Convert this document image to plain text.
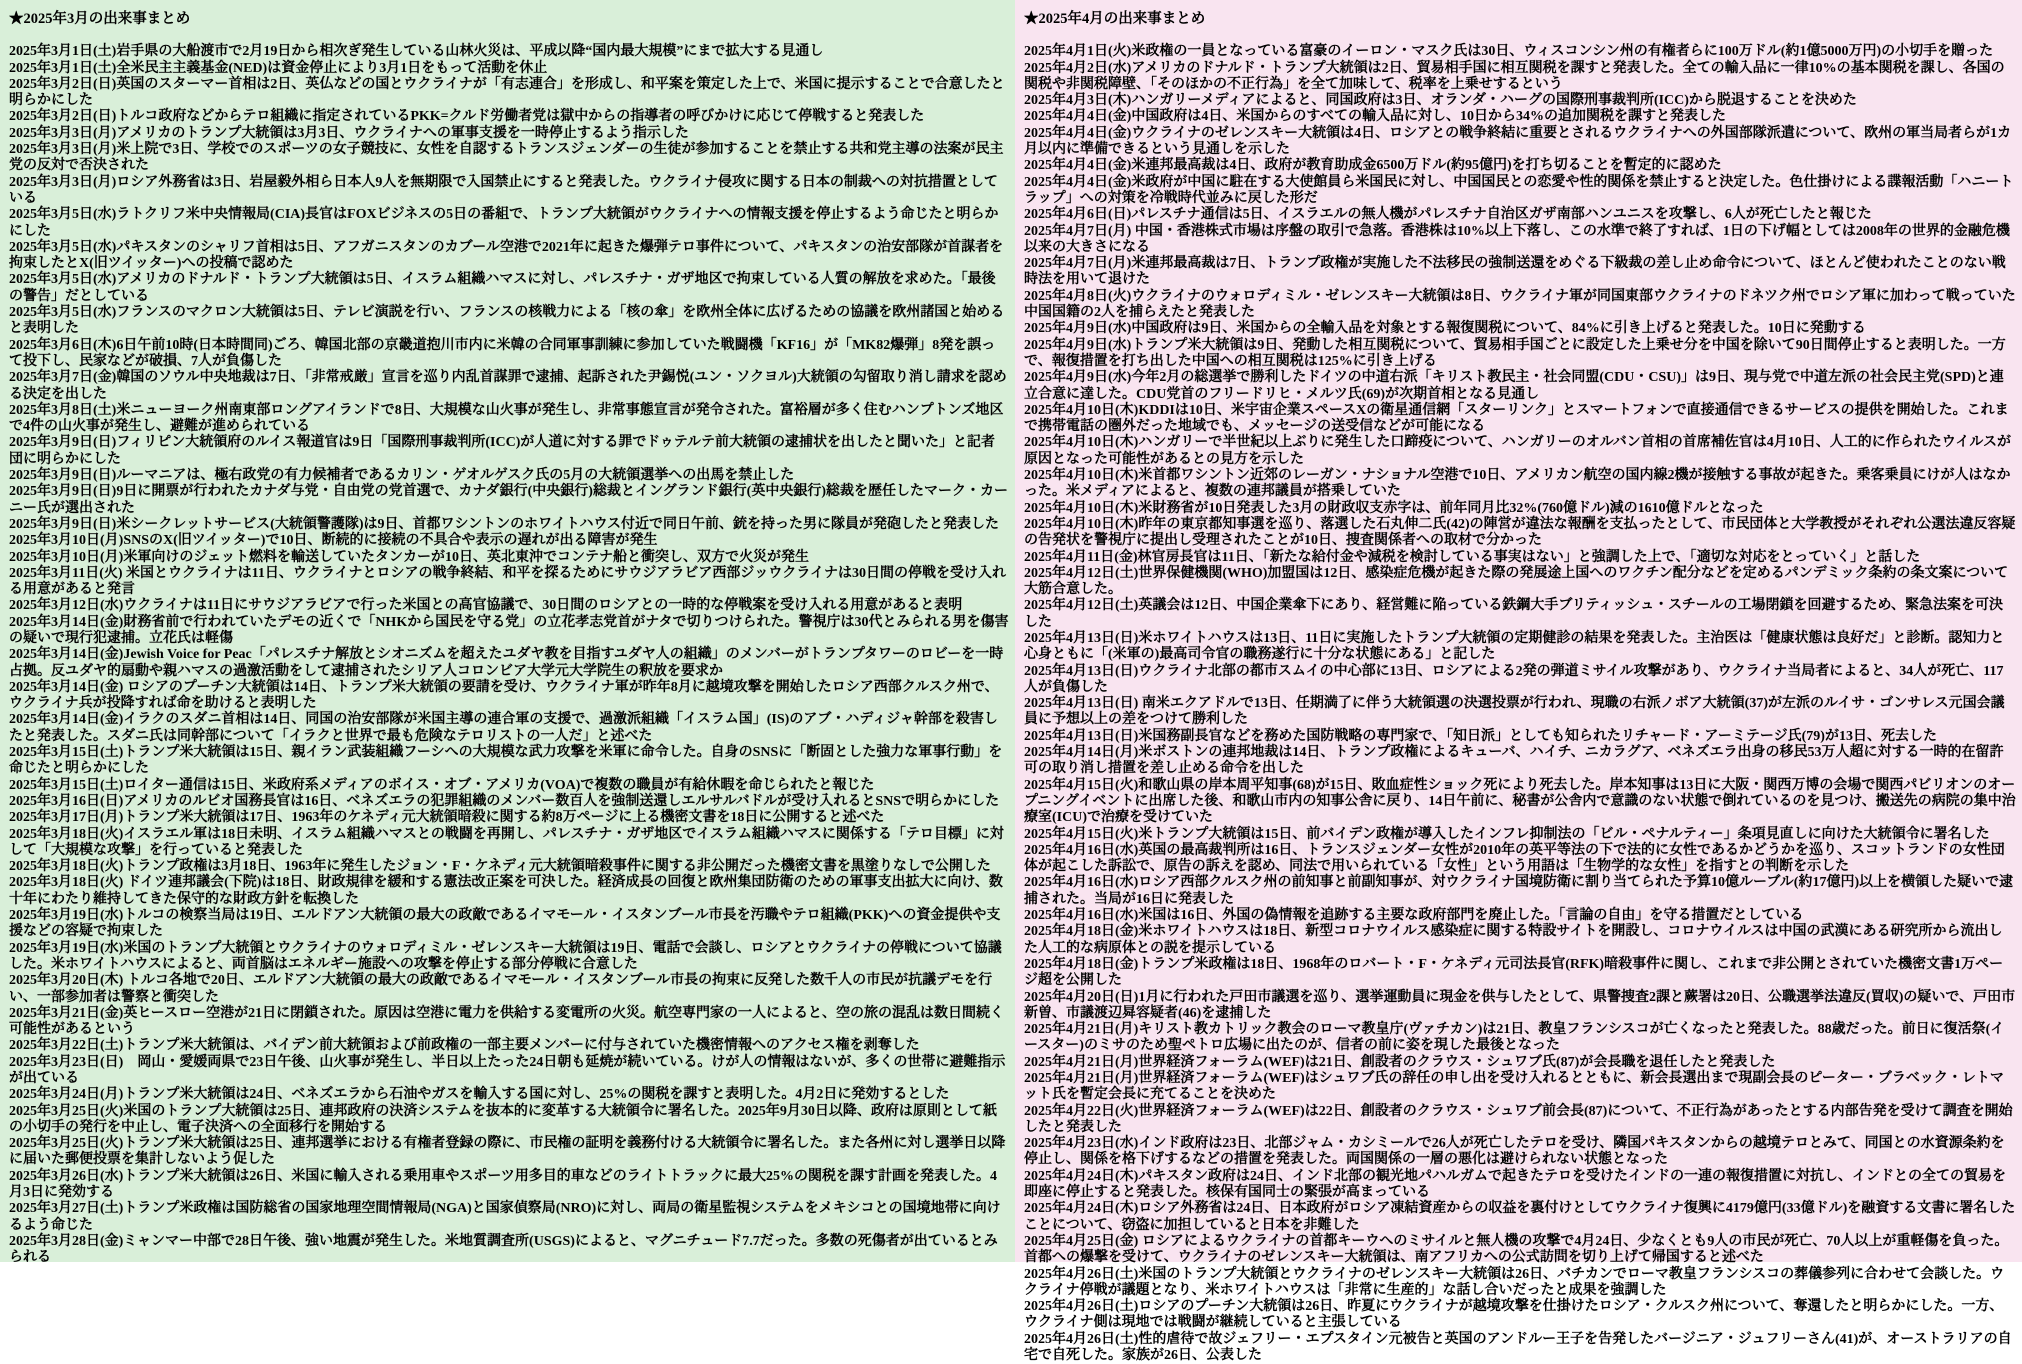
★2025年3月の出来事まとめ

2025年3月1日(土)岩手県の大船渡市で2月19日から相次ぎ発生している山林火災は、平成以降“国内最大規模”にまで拡大する見通し

2025年3月1日(土)全米民主主義基金(NED)は資金停止により3月1日をもって活動を休止

2025年3月2日(日)英国のスターマー首相は2日、英仏などの国とウクライナが「有志連合」を形成し、和平案を策定した上で、米国に提示することで合意したと明らかにした

2025年3月2日(日)トルコ政府などからテロ組織に指定されているPKK=クルド労働者党は獄中からの指導者の呼びかけに応じて停戦すると発表した

2025年3月3日(月)アメリカのトランプ大統領は3月3日、ウクライナへの軍事支援を一時停止するよう指示した

2025年3月3日(月)米上院で3日、学校でのスポーツの女子競技に、女性を自認するトランスジェンダーの生徒が参加することを禁止する共和党主導の法案が民主党の反対で否決された

2025年3月3日(月)ロシア外務省は3日、岩屋毅外相ら日本人9人を無期限で入国禁止にすると発表した。ウクライナ侵攻に関する日本の制裁への対抗措置としている

2025年3月5日(水)ラトクリフ米中央情報局(CIA)長官はFOXビジネスの5日の番組で、トランプ大統領がウクライナへの情報支援を停止するよう命じたと明らかにした

2025年3月5日(水)パキスタンのシャリフ首相は5日、アフガニスタンのカブール空港で2021年に起きた爆弾テロ事件について、パキスタンの治安部隊が首謀者を拘束したとX(旧ツイッター)への投稿で認めた

2025年3月5日(水)アメリカのドナルド・トランプ大統領は5日、イスラム組織ハマスに対し、パレスチナ・ガザ地区で拘束している人質の解放を求めた。「最後の警告」だとしている

2025年3月5日(水)フランスのマクロン大統領は5日、テレビ演説を行い、フランスの核戦力による「核の傘」を欧州全体に広げるための協議を欧州諸国と始めると表明した

2025年3月6日(木)6日午前10時(日本時間同)ごろ、韓国北部の京畿道抱川市内に米韓の合同軍事訓練に参加していた戦闘機「KF16」が「MK82爆弾」8発を誤って投下し、民家などが破損、7人が負傷した

2025年3月7日(金)韓国のソウル中央地裁は7日、「非常戒厳」宣言を巡り内乱首謀罪で逮捕、起訴された尹錫悦(ユン・ソクヨル)大統領の勾留取り消し請求を認める決定を出した

2025年3月8日(土)米ニューヨーク州南東部ロングアイランドで8日、大規模な山火事が発生し、非常事態宣言が発令された。富裕層が多く住むハンプトンズ地区で4件の山火事が発生し、避難が進められている

2025年3月9日(日)フィリピン大統領府のルイス報道官は9日「国際刑事裁判所(ICC)が人道に対する罪でドゥテルテ前大統領の逮捕状を出したと聞いた」と記者団に明らかにした

2025年3月9日(日)ルーマニアは、極右政党の有力候補者であるカリン・ゲオルゲスク氏の5月の大統領選挙への出馬を禁止した

2025年3月9日(日)9日に開票が行われたカナダ与党・自由党の党首選で、カナダ銀行(中央銀行)総裁とイングランド銀行(英中央銀行)総裁を歴任したマーク・カーニー氏が選出された

2025年3月9日(日)米シークレットサービス(大統領警護隊)は9日、首都ワシントンのホワイトハウス付近で同日午前、銃を持った男に隊員が発砲したと発表した

2025年3月10日(月)SNSのX(旧ツイッター)で10日、断続的に接続の不具合や表示の遅れが出る障害が発生

2025年3月10日(月)米軍向けのジェット燃料を輸送していたタンカーが10日、英北東沖でコンテナ船と衝突し、双方で火災が発生

2025年3月11日(火) 米国とウクライナは11日、ウクライナとロシアの戦争終結、和平を探るためにサウジアラビア西部ジッウクライナは30日間の停戦を受け入れる用意があると発言

2025年3月12日(水)ウクライナは11日にサウジアラビアで行った米国との高官協議で、30日間のロシアとの一時的な停戦案を受け入れる用意があると表明

2025年3月14日(金)財務省前で行われていたデモの近くで「NHKから国民を守る党」の立花孝志党首がナタで切りつけられた。警視庁は30代とみられる男を傷害の疑いで現行犯逮捕。立花氏は軽傷

2025年3月14日(金)Jewish Voice for Peac「パレスチナ解放とシオニズムを超えたユダヤ教を目指すユダヤ人の組織」のメンバーがトランプタワーのロビーを一時占拠。反ユダヤ的扇動や親ハマスの過激活動をして逮捕されたシリア人コロンビア大学元大学院生の釈放を要求か

2025年3月14日(金) ロシアのプーチン大統領は14日、トランプ米大統領の要請を受け、ウクライナ軍が昨年8月に越境攻撃を開始したロシア西部クルスク州で、ウクライナ兵が投降すれば命を助けると表明した

2025年3月14日(金)イラクのスダニ首相は14日、同国の治安部隊が米国主導の連合軍の支援で、過激派組織「イスラム国」(IS)のアブ・ハディジャ幹部を殺害したと発表した。スダニ氏は同幹部について「イラクと世界で最も危険なテロリストの一人だ」と述べた

2025年3月15日(土)トランプ米大統領は15日、親イラン武装組織フーシへの大規模な武力攻撃を米軍に命令した。自身のSNSに「断固とした強力な軍事行動」を命じたと明らかにした

2025年3月15日(土)ロイター通信は15日、米政府系メディアのボイス・オブ・アメリカ(VOA)で複数の職員が有給休暇を命じられたと報じた

2025年3月16日(日)アメリカのルビオ国務長官は16日、ベネズエラの犯罪組織のメンバー数百人を強制送還しエルサルバドルが受け入れるとSNSで明らかにした

2025年3月17日(月)トランプ米大統領は17日、1963年のケネディ元大統領暗殺に関する約8万ページに上る機密文書を18日に公開すると述べた

2025年3月18日(火)イスラエル軍は18日未明、イスラム組織ハマスとの戦闘を再開し、パレスチナ・ガザ地区でイスラム組織ハマスに関係する「テロ目標」に対して「大規模な攻撃」を行っていると発表した

2025年3月18日(火)トランプ政権は3月18日、1963年に発生したジョン・F・ケネディ元大統領暗殺事件に関する非公開だった機密文書を黒塗りなしで公開した

2025年3月18日(火) ドイツ連邦議会(下院)は18日、財政規律を緩和する憲法改正案を可決した。経済成長の回復と欧州集団防衛のための軍事支出拡大に向け、数十年にわたり維持してきた保守的な財政方針を転換した

2025年3月19日(水)トルコの検察当局は19日、エルドアン大統領の最大の政敵であるイマモール・イスタンブール市長を汚職やテロ組織(PKK)への資金提供や支援などの容疑で拘束した

2025年3月19日(水)米国のトランプ大統領とウクライナのウォロディミル・ゼレンスキー大統領は19日、電話で会談し、ロシアとウクライナの停戦について協議した。米ホワイトハウスによると、両首脳はエネルギー施設への攻撃を停止する部分停戦に合意した

2025年3月20日(木) トルコ各地で20日、エルドアン大統領の最大の政敵であるイマモール・イスタンブール市長の拘束に反発した数千人の市民が抗議デモを行い、一部参加者は警察と衝突した

2025年3月21日(金)英ヒースロー空港が21日に閉鎖された。原因は空港に電力を供給する変電所の火災。航空専門家の一人によると、空の旅の混乱は数日間続く可能性があるという

2025年3月22日(土)トランプ米大統領は、バイデン前大統領および前政権の一部主要メンバーに付与されていた機密情報へのアクセス権を剥奪した

2025年3月23日(日)　岡山・愛媛両県で23日午後、山火事が発生し、半日以上たった24日朝も延焼が続いている。けが人の情報はないが、多くの世帯に避難指示が出ている

2025年3月24日(月)トランプ米大統領は24日、ベネズエラから石油やガスを輸入する国に対し、25%の関税を課すと表明した。4月2日に発効するとした

2025年3月25日(火)米国のトランプ大統領は25日、連邦政府の決済システムを抜本的に変革する大統領令に署名した。2025年9月30日以降、政府は原則として紙の小切手の発行を中止し、電子決済への全面移行を開始する

2025年3月25日(火)トランプ米大統領は25日、連邦選挙における有権者登録の際に、市民権の証明を義務付ける大統領令に署名した。また各州に対し選挙日以降に届いた郵便投票を集計しないよう促した

2025年3月26日(水)トランプ米大統領は26日、米国に輸入される乗用車やスポーツ用多目的車などのライトトラックに最大25%の関税を課す計画を発表した。4月3日に発効する

2025年3月27日(土)トランプ米政権は国防総省の国家地理空間情報局(NGA)と国家偵察局(NRO)に対し、両局の衛星監視システムをメキシコとの国境地帯に向けるよう命じた

2025年3月28日(金)ミャンマー中部で28日午後、強い地震が発生した。米地質調査所(USGS)によると、マグニチュード7.7だった。多数の死傷者が出ているとみられる

★2025年4月の出来事まとめ

2025年4月1日(火)米政権の一員となっている富豪のイーロン・マスク氏は30日、ウィスコンシン州の有権者らに100万ドル(約1億5000万円)の小切手を贈った

2025年4月2日(水)アメリカのドナルド・トランプ大統領は2日、貿易相手国に相互関税を課すと発表した。全ての輸入品に一律10%の基本関税を課し、各国の関税や非関税障壁、「そのほかの不正行為」を全て加味して、税率を上乗せするという

2025年4月3日(木)ハンガリーメディアによると、同国政府は3日、オランダ・ハーグの国際刑事裁判所(ICC)から脱退することを決めた

2025年4月4日(金)中国政府は4日、米国からのすべての輸入品に対し、10日から34%の追加関税を課すと発表した

2025年4月4日(金)ウクライナのゼレンスキー大統領は4日、ロシアとの戦争終結に重要とされるウクライナへの外国部隊派遣について、欧州の軍当局者らが1カ月以内に準備できるという見通しを示した

2025年4月4日(金)米連邦最高裁は4日、政府が教育助成金6500万ドル(約95億円)を打ち切ることを暫定的に認めた

2025年4月4日(金)米政府が中国に駐在する大使館員ら米国民に対し、中国国民との恋愛や性的関係を禁止すると決定した。色仕掛けによる諜報活動「ハニートラップ」への対策を冷戦時代並みに戻した形だ

2025年4月6日(日)パレスチナ通信は5日、イスラエルの無人機がパレスチナ自治区ガザ南部ハンユニスを攻撃し、6人が死亡したと報じた

2025年4月7日(月) 中国・香港株式市場は序盤の取引で急落。香港株は10%以上下落し、この水準で終了すれば、1日の下げ幅としては2008年の世界的金融危機以来の大きさになる

2025年4月7日(月)米連邦最高裁は7日、トランプ政権が実施した不法移民の強制送還をめぐる下級裁の差し止め命令について、ほとんど使われたことのない戦時法を用いて退けた

2025年4月8日(火)ウクライナのウォロディミル・ゼレンスキー大統領は8日、ウクライナ軍が同国東部ウクライナのドネツク州でロシア軍に加わって戦っていた中国国籍の2人を捕らえたと発表した

2025年4月9日(水)中国政府は9日、米国からの全輸入品を対象とする報復関税について、84%に引き上げると発表した。10日に発動する

2025年4月9日(水)トランプ米大統領は9日、発動した相互関税について、貿易相手国ごとに設定した上乗せ分を中国を除いて90日間停止すると表明した。一方で、報復措置を打ち出した中国への相互関税は125%に引き上げる

2025年4月9日(水)今年2月の総選挙で勝利したドイツの中道右派「キリスト教民主・社会同盟(CDU・CSU)」は9日、現与党で中道左派の社会民主党(SPD)と連立合意に達した。CDU党首のフリードリヒ・メルツ氏(69)が次期首相となる見通し

2025年4月10日(木)KDDIは10日、米宇宙企業スペースXの衛星通信網「スターリンク」とスマートフォンで直接通信できるサービスの提供を開始した。これまで携帯電話の圏外だった地域でも、メッセージの送受信などが可能になる

2025年4月10日(木)ハンガリーで半世紀以上ぶりに発生した口蹄疫について、ハンガリーのオルバン首相の首席補佐官は4月10日、人工的に作られたウイルスが原因となった可能性があるとの見方を示した

2025年4月10日(木)米首都ワシントン近郊のレーガン・ナショナル空港で10日、アメリカン航空の国内線2機が接触する事故が起きた。乗客乗員にけが人はなかった。米メディアによると、複数の連邦議員が搭乗していた

2025年4月10日(木)米財務省が10日発表した3月の財政収支赤字は、前年同月比32%(760億ドル)減の1610億ドルとなった

2025年4月10日(木)昨年の東京都知事選を巡り、落選した石丸伸二氏(42)の陣営が違法な報酬を支払ったとして、市民団体と大学教授がそれぞれ公選法違反容疑の告発状を警視庁に提出し受理されたことが10日、捜査関係者への取材で分かった

2025年4月11日(金)林官房長官は11日、「新たな給付金や減税を検討している事実はない」と強調した上で、「適切な対応をとっていく」と話した

2025年4月12日(土)世界保健機関(WHO)加盟国は12日、感染症危機が起きた際の発展途上国へのワクチン配分などを定めるパンデミック条約の条文案について大筋合意した。

2025年4月12日(土)英議会は12日、中国企業傘下にあり、経営難に陥っている鉄鋼大手ブリティッシュ・スチールの工場閉鎖を回避するため、緊急法案を可決した

2025年4月13日(日)米ホワイトハウスは13日、11日に実施したトランプ大統領の定期健診の結果を発表した。主治医は「健康状態は良好だ」と診断。認知力と心身ともに「(米軍の)最高司令官の職務遂行に十分な状態にある」と記した

2025年4月13日(日)ウクライナ北部の都市スムイの中心部に13日、ロシアによる2発の弾道ミサイル攻撃があり、ウクライナ当局者によると、34人が死亡、117人が負傷した

2025年4月13日(日) 南米エクアドルで13日、任期満了に伴う大統領選の決選投票が行われ、現職の右派ノボア大統領(37)が左派のルイサ・ゴンサレス元国会議員に予想以上の差をつけて勝利した

2025年4月13日(日)米国務副長官などを務めた国防戦略の専門家で、「知日派」としても知られたリチャード・アーミテージ氏(79)が13日、死去した

2025年4月14日(月)米ボストンの連邦地裁は14日、トランプ政権によるキューバ、ハイチ、ニカラグア、ベネズエラ出身の移民53万人超に対する一時的在留許可の取り消し措置を差し止める命令を出した

2025年4月15日(火)和歌山県の岸本周平知事(68)が15日、敗血症性ショック死により死去した。岸本知事は13日に大阪・関西万博の会場で関西パビリオンのオープニングイベントに出席した後、和歌山市内の知事公舎に戻り、14日午前に、秘書が公舎内で意識のない状態で倒れているのを見つけ、搬送先の病院の集中治療室(ICU)で治療を受けていた

2025年4月15日(火)米トランプ大統領は15日、前バイデン政権が導入したインフレ抑制法の「ビル・ペナルティー」条項見直しに向けた大統領令に署名した

2025年4月16日(水)英国の最高裁判所は16日、トランスジェンダー女性が2010年の英平等法の下で法的に女性であるかどうかを巡り、スコットランドの女性団体が起こした訴訟で、原告の訴えを認め、同法で用いられている「女性」という用語は「生物学的な女性」を指すとの判断を示した

2025年4月16日(水)ロシア西部クルスク州の前知事と前副知事が、対ウクライナ国境防衛に割り当てられた予算10億ルーブル(約17億円)以上を横領した疑いで逮捕された。当局が16日に発表した

2025年4月16日(水)米国は16日、外国の偽情報を追跡する主要な政府部門を廃止した。「言論の自由」を守る措置だとしている

2025年4月18日(金)米ホワイトハウスは18日、新型コロナウイルス感染症に関する特設サイトを開設し、コロナウイルスは中国の武漢にある研究所から流出した人工的な病原体との説を提示している

2025年4月18日(金)トランプ米政権は18日、1968年のロバート・F・ケネディ元司法長官(RFK)暗殺事件に関し、これまで非公開とされていた機密文書1万ページ超を公開した

2025年4月20日(日)1月に行われた戸田市議選を巡り、選挙運動員に現金を供与したとして、県警捜査2課と蕨署は20日、公職選挙法違反(買収)の疑いで、戸田市新曽、市議渡辺曻容疑者(46)を逮捕した

2025年4月21日(月)キリスト教カトリック教会のローマ教皇庁(ヴァチカン)は21日、教皇フランシスコが亡くなったと発表した。88歳だった。前日に復活祭(イースター)のミサのため聖ペトロ広場に出たのが、信者の前に姿を現した最後となった

2025年4月21日(月)世界経済フォーラム(WEF)は21日、創設者のクラウス・シュワブ氏(87)が会長職を退任したと発表した

2025年4月21日(月)世界経済フォーラム(WEF)はシュワブ氏の辞任の申し出を受け入れるとともに、新会長選出まで現副会長のピーター・ブラベック・レトマット氏を暫定会長に充てることを決めた

2025年4月22日(火)世界経済フォーラム(WEF)は22日、創設者のクラウス・シュワブ前会長(87)について、不正行為があったとする内部告発を受けて調査を開始したと発表した

2025年4月23日(水)インド政府は23日、北部ジャム・カシミールで26人が死亡したテロを受け、隣国パキスタンからの越境テロとみて、同国との水資源条約を停止し、関係を格下げするなどの措置を発表した。両国関係の一層の悪化は避けられない状態となった

2025年4月24日(木)パキスタン政府は24日、インド北部の観光地パハルガムで起きたテロを受けたインドの一連の報復措置に対抗し、インドとの全ての貿易を即座に停止すると発表した。核保有国同士の緊張が高まっている

2025年4月24日(木)ロシア外務省は24日、日本政府がロシア凍結資産からの収益を裏付けとしてウクライナ復興に4179億円(33億ドル)を融資する文書に署名したことについて、窃盗に加担していると日本を非難した

2025年4月25日(金) ロシアによるウクライナの首都キーウへのミサイルと無人機の攻撃で4月24日、少なくとも9人の市民が死亡、70人以上が重軽傷を負った。首都への爆撃を受けて、ウクライナのゼレンスキー大統領は、南アフリカへの公式訪問を切り上げて帰国すると述べた

2025年4月26日(土)米国のトランプ大統領とウクライナのゼレンスキー大統領は26日、バチカンでローマ教皇フランシスコの葬儀参列に合わせて会談した。ウクライナ停戦が議題となり、米ホワイトハウスは「非常に生産的」な話し合いだったと成果を強調した

2025年4月26日(土)ロシアのプーチン大統領は26日、昨夏にウクライナが越境攻撃を仕掛けたロシア・クルスク州について、奪還したと明らかにした。一方、ウクライナ側は現地では戦闘が継続していると主張している

2025年4月26日(土)性的虐待で故ジェフリー・エプスタイン元被告と英国のアンドルー王子を告発したバージニア・ジュフリーさん(41)が、オーストラリアの自宅で自死した。家族が26日、公表した
